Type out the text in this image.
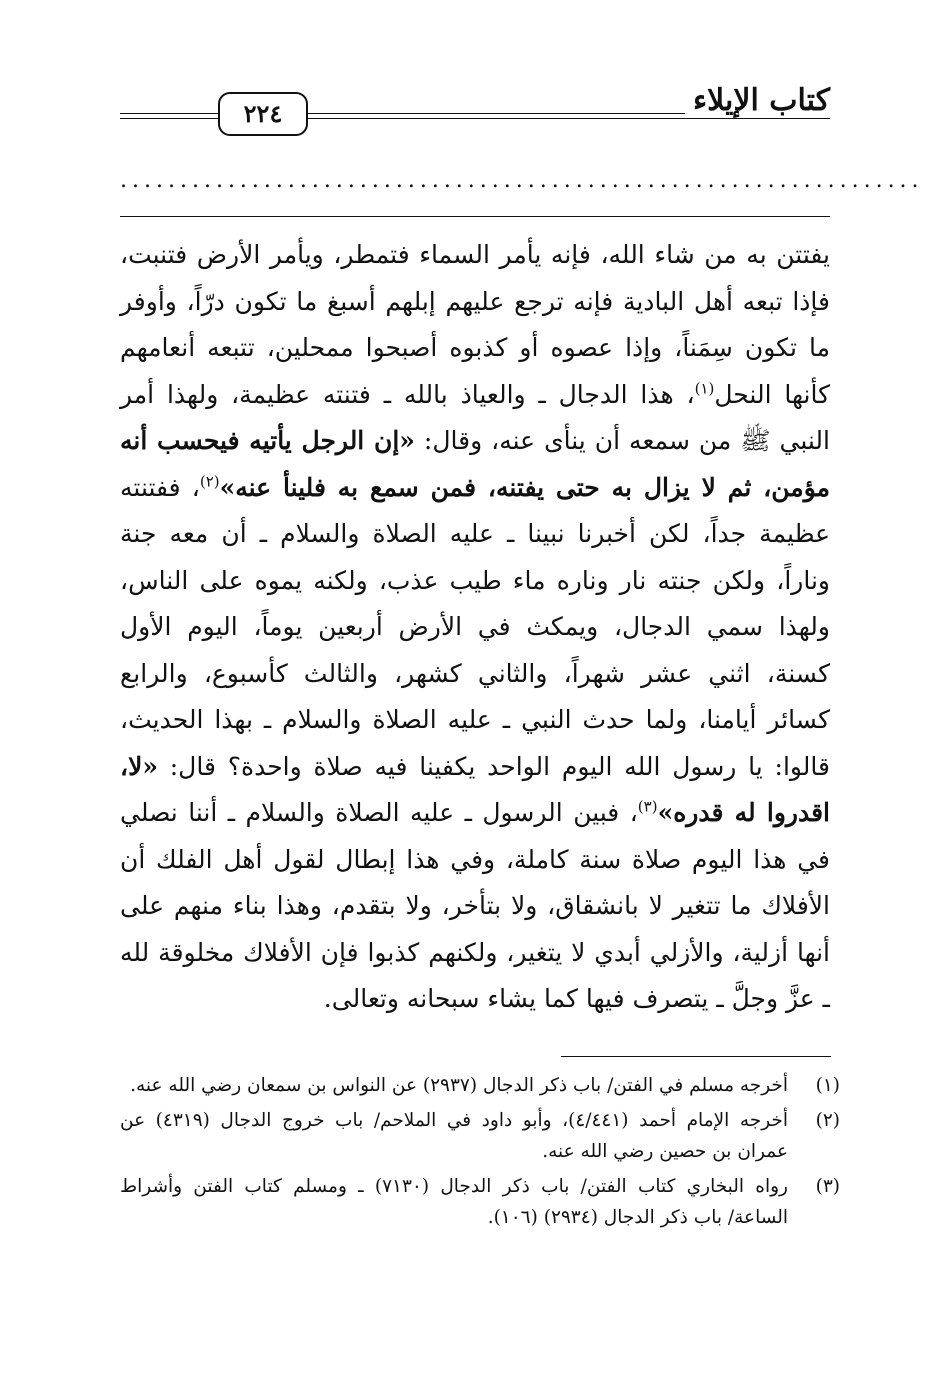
كتاب الإيلاء
٢٢٤
...................................................................

يفتتن به من شاء الله، فإنه يأمر السماء فتمطر، ويأمر الأرض فتنبت، فإذا تبعه أهل البادية فإنه ترجع عليهم إبلهم أسبغ ما تكون درّاً، وأوفر ما تكون سِمَناً، وإذا عصوه أو كذبوه أصبحوا ممحلين، تتبعه أنعامهم كأنها النحل$^{(١)}$، هذا الدجال ـ والعياذ بالله ـ فتنته عظيمة، ولهذا أمر النبي ﷺ من سمعه أن ينأى عنه، وقال: «إن الرجل يأتيه فيحسب أنه مؤمن، ثم لا يزال به حتى يفتنه، فمن سمع به فلينأ عنه»$^{(٢)}$، ففتنته عظيمة جداً، لكن أخبرنا نبينا ـ عليه الصلاة والسلام ـ أن معه جنة وناراً، ولكن جنته نار وناره ماء طيب عذب، ولكنه يموه على الناس، ولهذا سمي الدجال، ويمكث في الأرض أربعين يوماً، اليوم الأول كسنة، اثني عشر شهراً، والثاني كشهر، والثالث كأسبوع، والرابع كسائر أيامنا، ولما حدث النبي ـ عليه الصلاة والسلام ـ بهذا الحديث، قالوا: يا رسول الله اليوم الواحد يكفينا فيه صلاة واحدة؟ قال: «لا، اقدروا له قدره»$^{(٣)}$، فبين الرسول ـ عليه الصلاة والسلام ـ أننا نصلي في هذا اليوم صلاة سنة كاملة، وفي هذا إبطال لقول أهل الفلك أن الأفلاك ما تتغير لا بانشقاق، ولا بتأخر، ولا بتقدم، وهذا بناء منهم على أنها أزلية، والأزلي أبدي لا يتغير، ولكنهم كذبوا فإن الأفلاك مخلوقة لله ـ عزَّ وجلَّ ـ يتصرف فيها كما يشاء سبحانه وتعالى.

(١)
أخرجه مسلم في الفتن/ باب ذكر الدجال (٢٩٣٧) عن النواس بن سمعان رضي الله عنه.
(٢)
أخرجه الإمام أحمد (٤/٤٤١)، وأبو داود في الملاحم/ باب خروج الدجال (٤٣١٩) عن عمران بن حصين رضي الله عنه.
(٣)
رواه البخاري كتاب الفتن/ باب ذكر الدجال (٧١٣٠) ـ ومسلم كتاب الفتن وأشراط الساعة/ باب ذكر الدجال (٢٩٣٤) (١٠٦).
